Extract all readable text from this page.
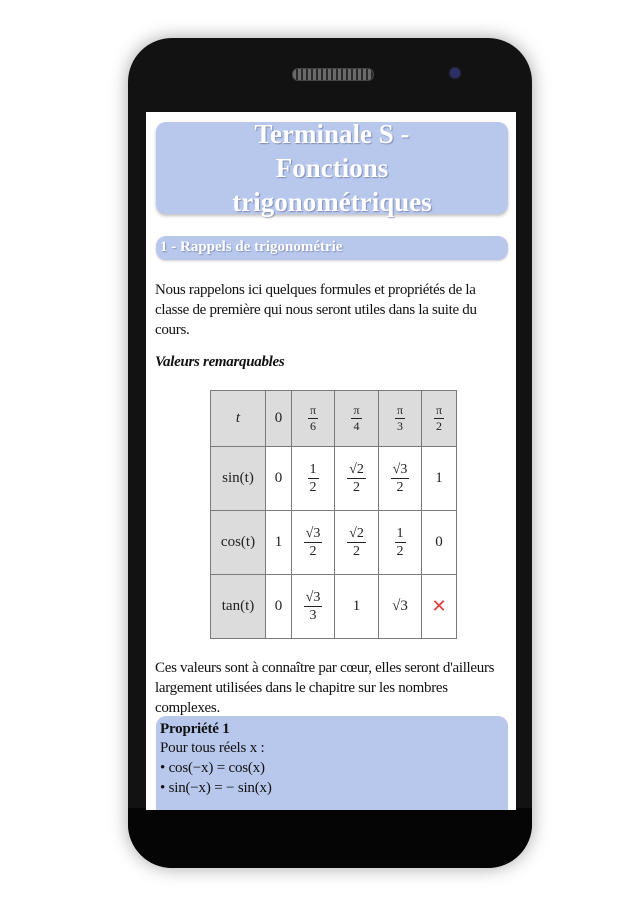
Terminale S - Fonctions trigonométriques
1 - Rappels de trigonométrie
Nous rappelons ici quelques formules et propriétés de la classe de première qui nous seront utiles dans la suite du cours.
Valeurs remarquables
t	0	$\frac{\pi}{6}$	$\frac{\pi}{4}$	$\frac{\pi}{3}$	$\frac{\pi}{2}$

sin(t)	0	$\frac{1}{2}$	$\frac{√2}{2}$	$\frac{√3}{2}$	1
cos(t)	1	$\frac{√3}{2}$	$\frac{√2}{2}$	$\frac{1}{2}$	0
tan(t)	0	$\frac{√3}{3}$	1	√3	✕
Ces valeurs sont à connaître par cœur, elles seront d'ailleurs largement utilisées dans le chapitre sur les nombres complexes.
Propriété 1
Pour tous réels x :
• cos(−x) = cos(x)
• sin(−x) = − sin(x)
